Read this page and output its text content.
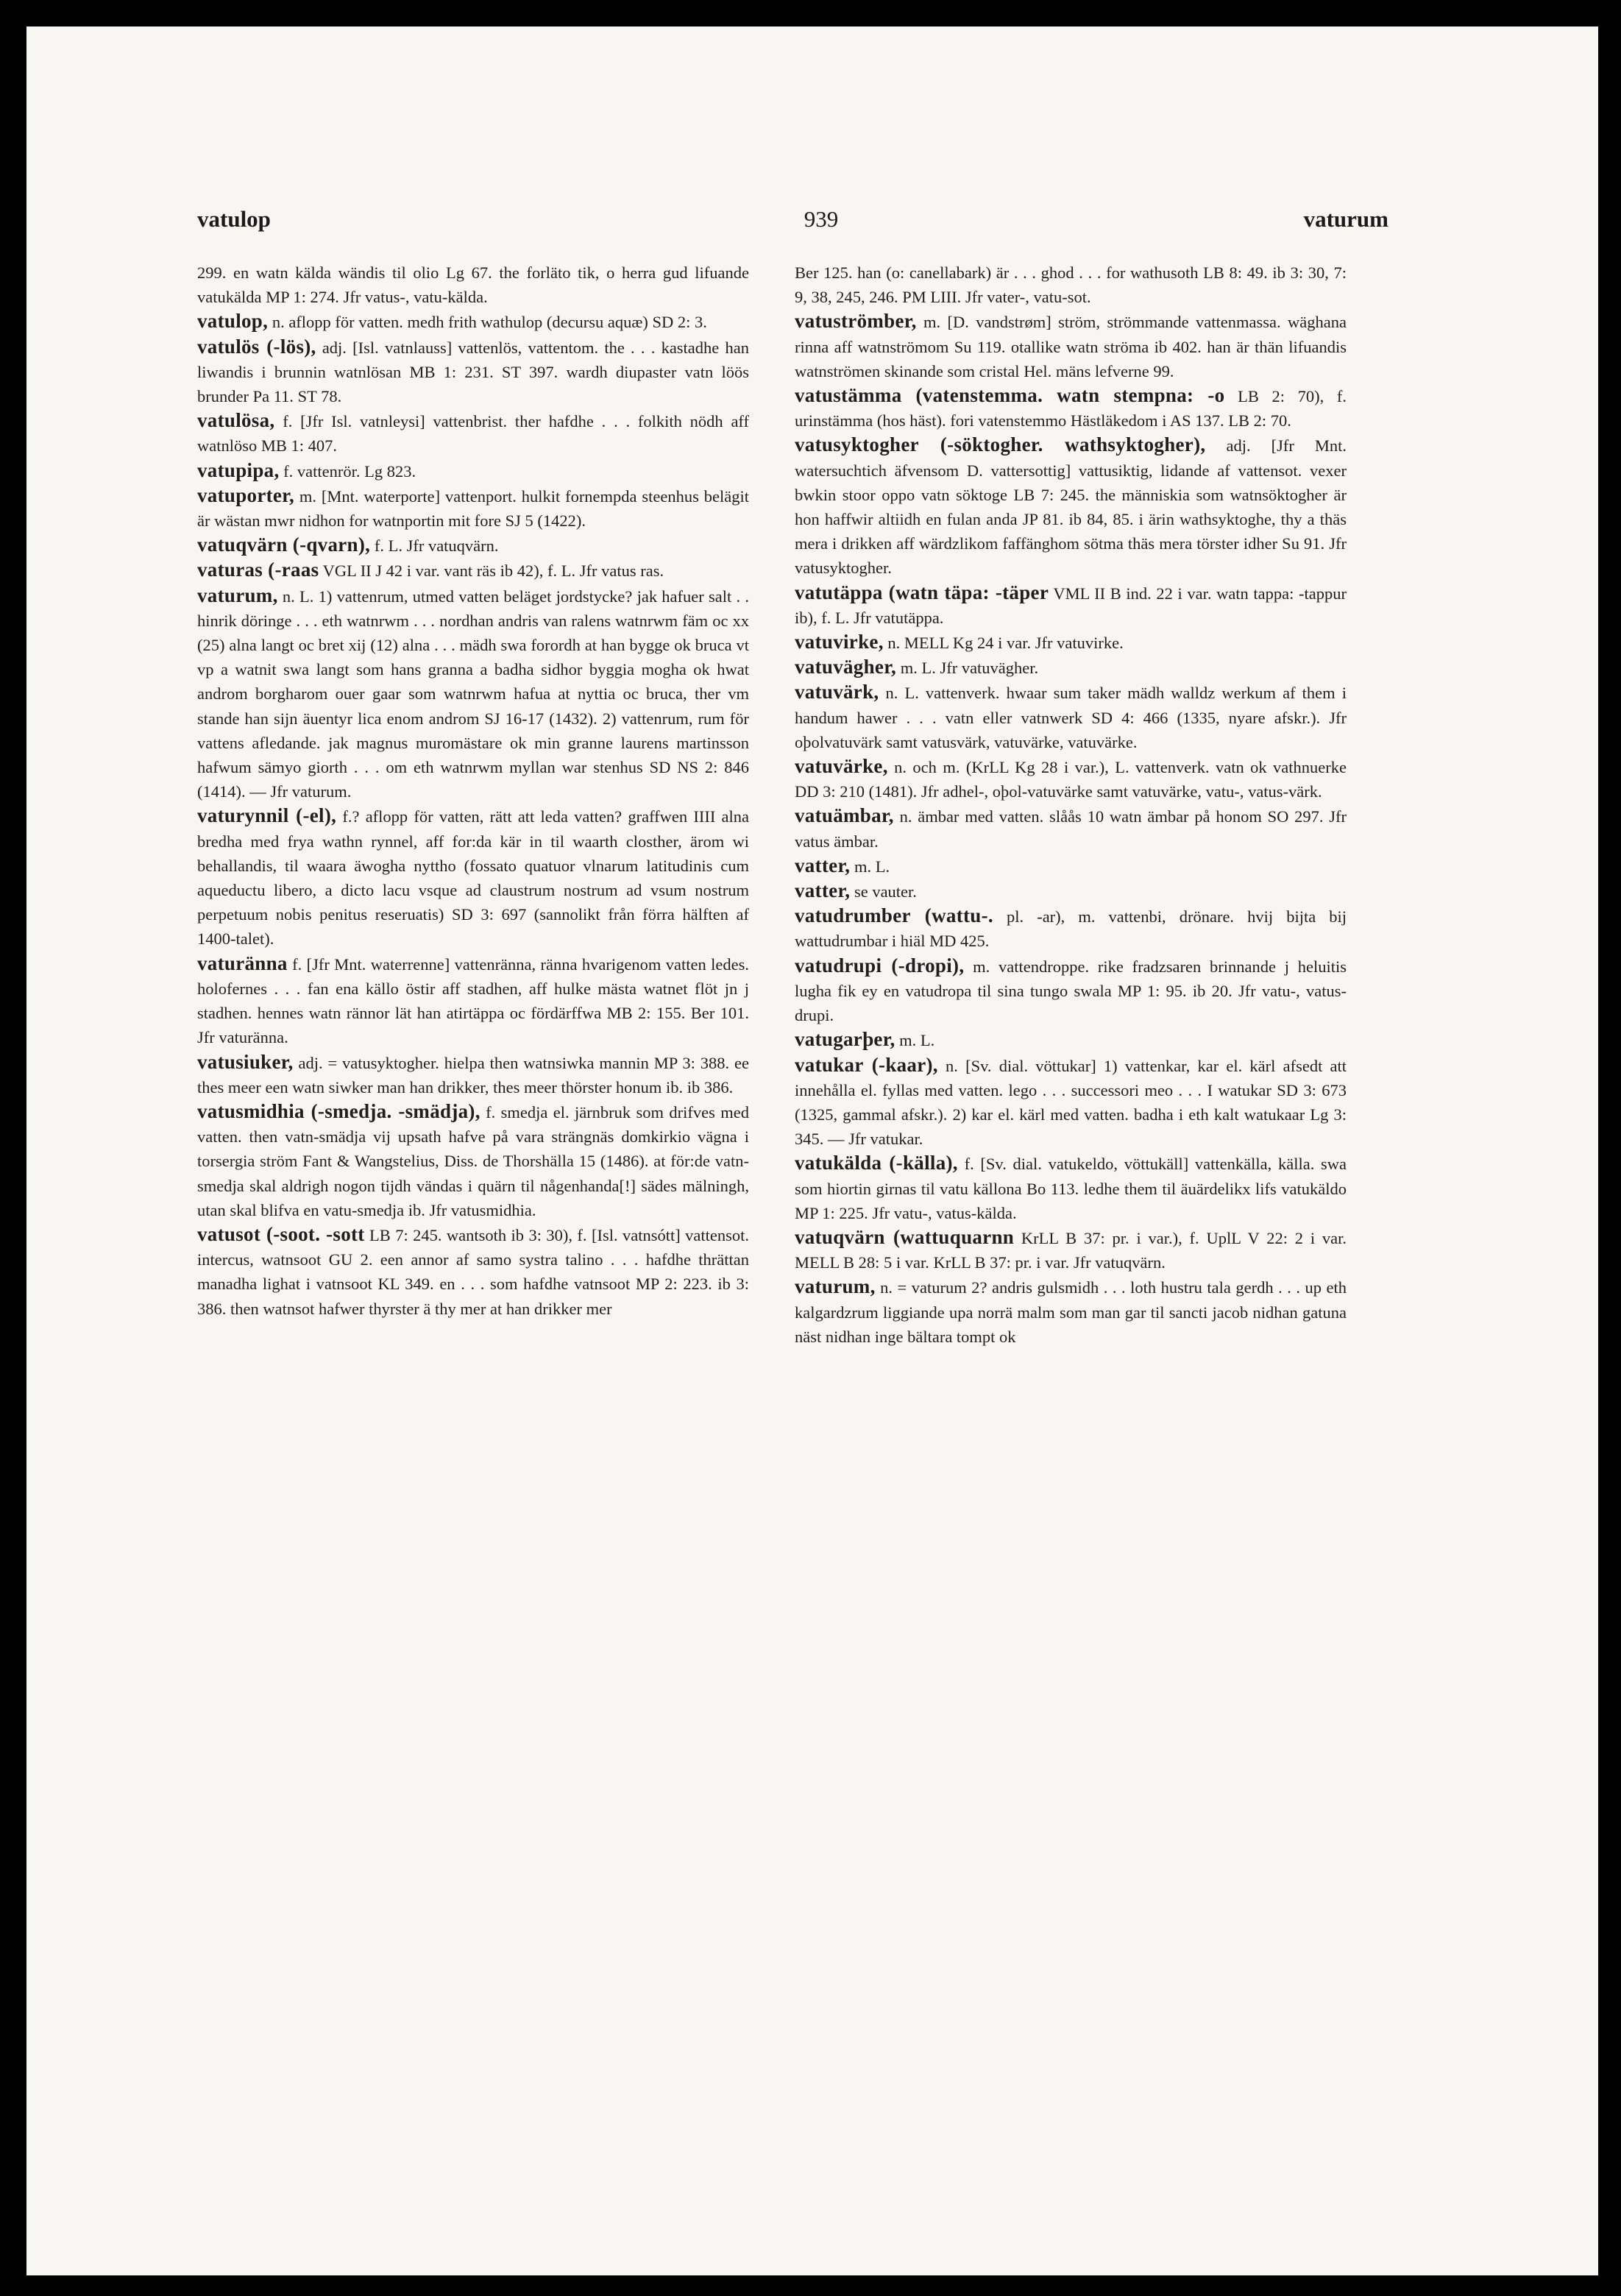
vatulop	939	vaturum

299. en watn kälda wändis til olio Lg 67. the forläto tik, o herra gud lifuande vatukälda MP 1: 274. Jfr vatus-, vatu-kälda.

vatulop, n. aflopp för vatten. medh frith wathulop (decursu aquæ) SD 2: 3.

vatulös (-lös), adj. [Isl. vatnlauss] vattenlös, vattentom. the . . . kastadhe han liwandis i brunnin watnlösan MB 1: 231. ST 397. wardh diupaster vatn löös brunder Pa 11. ST 78.

vatulösa, f. [Jfr Isl. vatnleysi] vattenbrist. ther hafdhe . . . folkith nödh aff watnlöso MB 1: 407.

vatupipa, f. vattenrör. Lg 823.

vatuporter, m. [Mnt. waterporte] vattenport. hulkit fornempda steenhus belägit är wästan mwr nidhon for watnportin mit fore SJ 5 (1422).

vatuqvärn (-qvarn), f. L. Jfr vatuqvärn.

vaturas (-raas VGL II J 42 i var. vant räs ib 42), f. L. Jfr vatus ras.

vaturum, n. L. 1) vattenrum, utmed vatten beläget jordstycke? jak hafuer salt . . hinrik döringe . . . eth watnrwm . . . nordhan andris van ralens watnrwm fäm oc xx (25) alna langt oc bret xij (12) alna . . . mädh swa forordh at han bygge ok bruca vt vp a watnit swa langt som hans granna a badha sidhor byggia mogha ok hwat androm borgharom ouer gaar som watnrwm hafua at nyttia oc bruca, ther vm stande han sijn äuentyr lica enom androm SJ 16-17 (1432). 2) vattenrum, rum för vattens afledande. jak magnus muromästare ok min granne laurens martinsson hafwum sämyo giorth . . . om eth watnrwm myllan war stenhus SD NS 2: 846 (1414). — Jfr vaturum.

vaturynnil (-el), f.? aflopp för vatten, rätt att leda vatten? graffwen IIII alna bredha med frya wathn rynnel, aff for:da kär in til waarth closther, ärom wi behallandis, til waara äwogha nyttho (fossato quatuor vlnarum latitudinis cum aqueductu libero, a dicto lacu vsque ad claustrum nostrum ad vsum nostrum perpetuum nobis penitus reseruatis) SD 3: 697 (sannolikt från förra hälften af 1400-talet).

vaturänna f. [Jfr Mnt. waterrenne] vattenränna, ränna hvarigenom vatten ledes. holofernes . . . fan ena källo östir aff stadhen, aff hulke mästa watnet flöt jn j stadhen. hennes watn rännor lät han atirtäppa oc fördärffwa MB 2: 155. Ber 101. Jfr vaturänna.

vatusiuker, adj. = vatusyktogher. hielpa then watnsiwka mannin MP 3: 388. ee thes meer een watn siwker man han drikker, thes meer thörster honum ib. ib 386.

vatusmidhia (-smedja. -smädja), f. smedja el. järnbruk som drifves med vatten. then vatn-smädja vij upsath hafve på vara strängnäs domkirkio vägna i torsergia ström Fant & Wangstelius, Diss. de Thorshälla 15 (1486). at för:de vatn-smedja skal aldrigh nogon tijdh vändas i quärn til någenhanda[!] sädes mälningh, utan skal blifva en vatu-smedja ib. Jfr vatusmidhia.

vatusot (-soot. -sott LB 7: 245. wantsoth ib 3: 30), f. [Isl. vatnsótt] vattensot. intercus, watnsoot GU 2. een annor af samo systra talino . . . hafdhe thrättan manadha lighat i vatnsoot KL 349. en . . . som hafdhe vatnsoot MP 2: 223. ib 3: 386. then watnsot hafwer thyrster ä thy mer at han drikker mer

Ber 125. han (o: canellabark) är . . . ghod . . . for wathusoth LB 8: 49. ib 3: 30, 7: 9, 38, 245, 246. PM LIII. Jfr vater-, vatu-sot.

vatuströmber, m. [D. vandstrøm] ström, strömmande vattenmassa. wäghana rinna aff watnströmom Su 119. otallike watn ströma ib 402. han är thän lifuandis watnströmen skinande som cristal Hel. mäns lefverne 99.

vatustämma (vatenstemma. watn stempna: -o LB 2: 70), f. urinstämma (hos häst). fori vatenstemmo Hästläkedom i AS 137. LB 2: 70.

vatusyktogher (-söktogher. wathsyktogher), adj. [Jfr Mnt. watersuchtich äfvensom D. vattersottig] vattusiktig, lidande af vattensot. vexer bwkin stoor oppo vatn söktoge LB 7: 245. the människia som watnsöktogher är hon haffwir altiidh en fulan anda JP 81. ib 84, 85. i ärin wathsyktoghe, thy a thäs mera i drikken aff wärdzlikom faffänghom sötma thäs mera törster idher Su 91. Jfr vatusyktogher.

vatutäppa (watn täpa: -täper VML II B ind. 22 i var. watn tappa: -tappur ib), f. L. Jfr vatutäppa.

vatuvirke, n. MELL Kg 24 i var. Jfr vatuvirke.

vatuvägher, m. L. Jfr vatuvägher.

vatuvärk, n. L. vattenverk. hwaar sum taker mädh walldz werkum af them i handum hawer . . . vatn eller vatnwerk SD 4: 466 (1335, nyare afskr.). Jfr oþolvatuvärk samt vatusvärk, vatuvärke, vatuvärke.

vatuvärke, n. och m. (KrLL Kg 28 i var.), L. vattenverk. vatn ok vathnuerke DD 3: 210 (1481). Jfr adhel-, oþol-vatuvärke samt vatuvärke, vatu-, vatus-värk.

vatuämbar, n. ämbar med vatten. slåås 10 watn ämbar på honom SO 297. Jfr vatus ämbar.

vatter, m. L.

vatter, se vauter.

vatudrumber (wattu-. pl. -ar), m. vattenbi, drönare. hvij bijta bij wattudrumbar i hiäl MD 425.

vatudrupi (-dropi), m. vattendroppe. rike fradzsaren brinnande j heluitis lugha fik ey en vatudropa til sina tungo swala MP 1: 95. ib 20. Jfr vatu-, vatus-drupi.

vatugarþer, m. L.

vatukar (-kaar), n. [Sv. dial. vöttukar] 1) vattenkar, kar el. kärl afsedt att innehålla el. fyllas med vatten. lego . . . successori meo . . . I watukar SD 3: 673 (1325, gammal afskr.). 2) kar el. kärl med vatten. badha i eth kalt watukaar Lg 3: 345. — Jfr vatukar.

vatukälda (-källa), f. [Sv. dial. vatukeldo, vöttukäll] vattenkälla, källa. swa som hiortin girnas til vatu källona Bo 113. ledhe them til äuärdelikx lifs vatukäldo MP 1: 225. Jfr vatu-, vatus-kälda.

vatuqvärn (wattuquarnn KrLL B 37: pr. i var.), f. UplL V 22: 2 i var. MELL B 28: 5 i var. KrLL B 37: pr. i var. Jfr vatuqvärn.

vaturum, n. = vaturum 2? andris gulsmidh . . . loth hustru tala gerdh . . . up eth kalgardzrum liggiande upa norrä malm som man gar til sancti jacob nidhan gatuna näst nidhan inge bältara tompt ok
